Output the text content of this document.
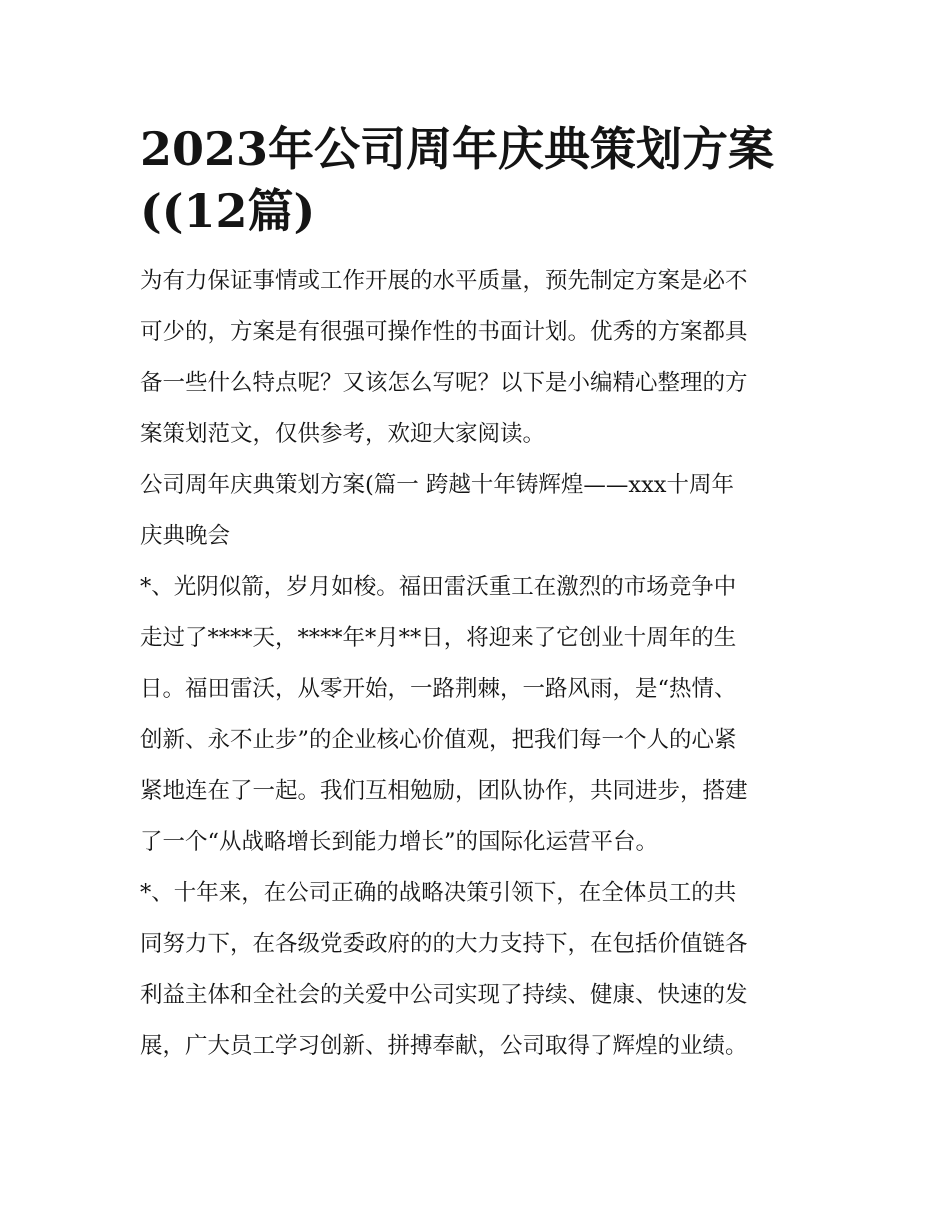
2023年公司周年庆典策划方案
((12篇)

为有力保证事情或工作开展的水平质量，预先制定方案是必不
可少的，方案是有很强可操作性的书面计划。优秀的方案都具
备一些什么特点呢？又该怎么写呢？以下是小编精心整理的方
案策划范文，仅供参考，欢迎大家阅读。

公司周年庆典策划方案(篇一 跨越十年铸辉煌——xxx十周年
庆典晚会

*、光阴似箭，岁月如梭。福田雷沃重工在激烈的市场竞争中
走过了****天，****年*月**日，将迎来了它创业十周年的生
日。福田雷沃，从零开始，一路荆棘，一路风雨，是“热情、
创新、永不止步”的企业核心价值观，把我们每一个人的心紧
紧地连在了一起。我们互相勉励，团队协作，共同进步，搭建
了一个“从战略增长到能力增长”的国际化运营平台。

*、十年来，在公司正确的战略决策引领下，在全体员工的共
同努力下，在各级党委政府的的大力支持下，在包括价值链各
利益主体和全社会的关爱中公司实现了持续、健康、快速的发
展，广大员工学习创新、拼搏奉献，公司取得了辉煌的业绩。
